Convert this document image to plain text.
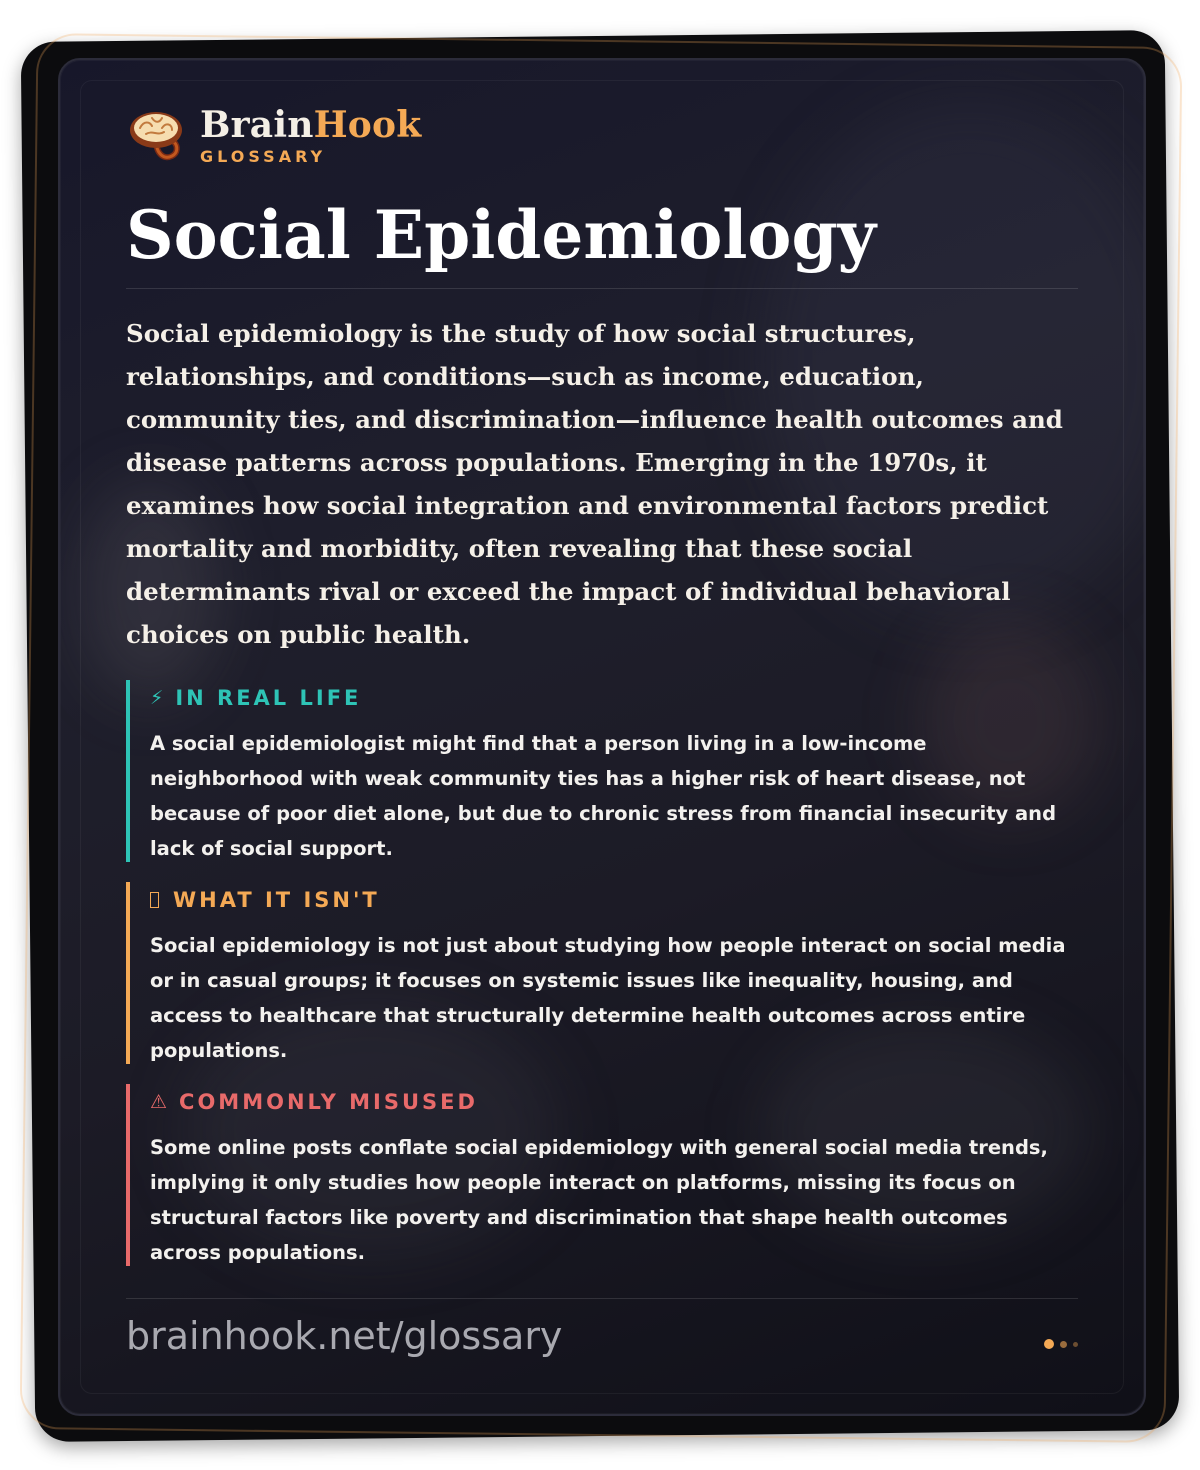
BrainHook
GLOSSARY
Social Epidemiology

Social epidemiology is the study of how social structures, relationships, and conditions—such as income, education, community ties, and discrimination—influence health outcomes and disease patterns across populations. Emerging in the 1970s, it examines how social integration and environmental factors predict mortality and morbidity, often revealing that these social determinants rival or exceed the impact of individual behavioral choices on public health.

⚡ IN REAL LIFE

A social epidemiologist might find that a person living in a low-income neighborhood with weak community ties has a higher risk of heart disease, not because of poor diet alone, but due to chronic stress from financial insecurity and lack of social support.

WHAT IT ISN'T

Social epidemiology is not just about studying how people interact on social media or in casual groups; it focuses on systemic issues like inequality, housing, and access to healthcare that structurally determine health outcomes across entire populations.

⚠ COMMONLY MISUSED

Some online posts conflate social epidemiology with general social media trends, implying it only studies how people interact on platforms, missing its focus on structural factors like poverty and discrimination that shape health outcomes across populations.

brainhook.net/glossary
